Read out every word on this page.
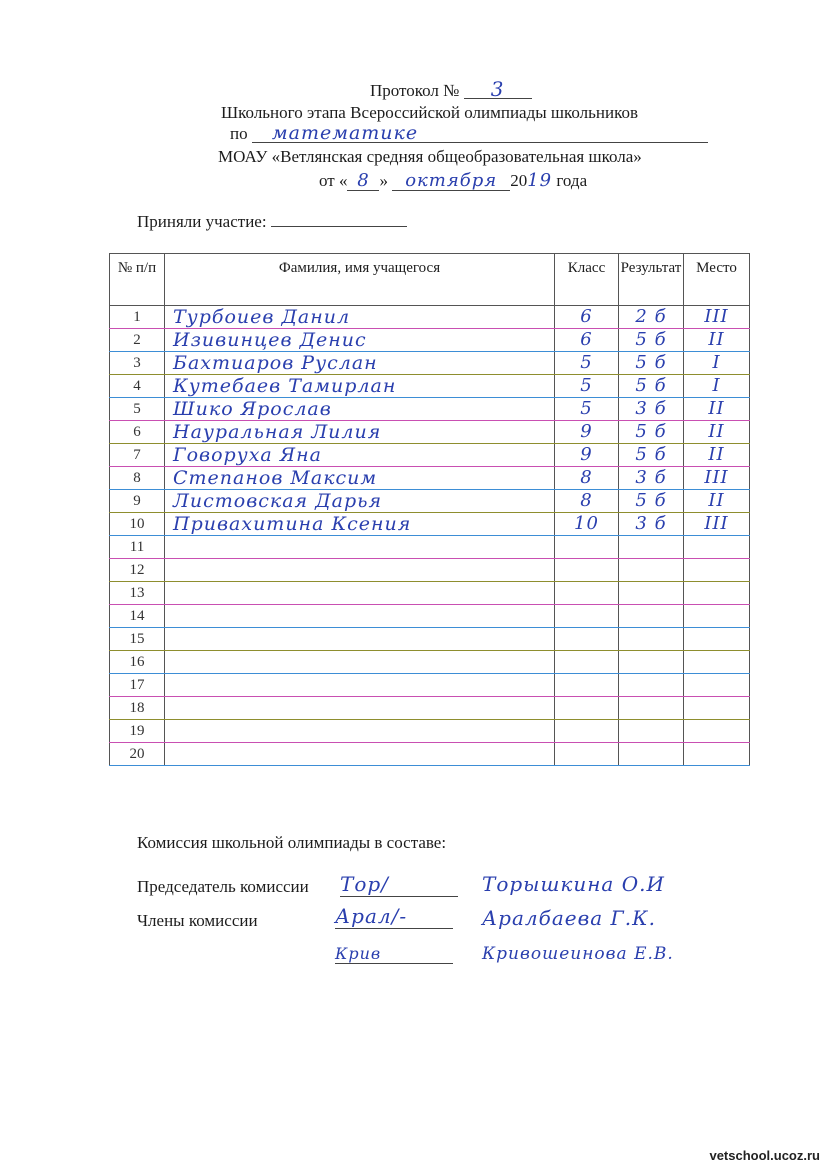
Протокол № 3
Школьного этапа Всероссийской олимпиады школьников
по математике
МОАУ «Ветлянская средняя общеобразовательная школа»
от « 8 » октября 2019 года
Приняли участие:
№ п/п	Фамилия, имя учащегося	Класс	Результат	Место
1	Турбоиев Данил	6	2 б	III
2	Изивинцев Денис	6	5 б	II
3	Бахтиаров Руслан	5	5 б	I
4	Кутебаев Тамирлан	5	5 б	I
5	Шико Ярослав	5	3 б	II
6	Науральная Лилия	9	5 б	II
7	Говоруха Яна	9	5 б	II
8	Степанов Максим	8	3 б	III
9	Листовская Дарья	8	5 б	II
10	Привахитина Ксения	10	3 б	III
11				
12				
13				
14				
15				
16				
17				
18				
19				
20				
Комиссия школьной олимпиады в составе:
Председатель комиссии Тор/	Торышкина О.И
Члены комиссии	Арал/-	Аралбаева Г.К.
Крив	Кривошеинова Е.В.
vetschool.ucoz.ru
